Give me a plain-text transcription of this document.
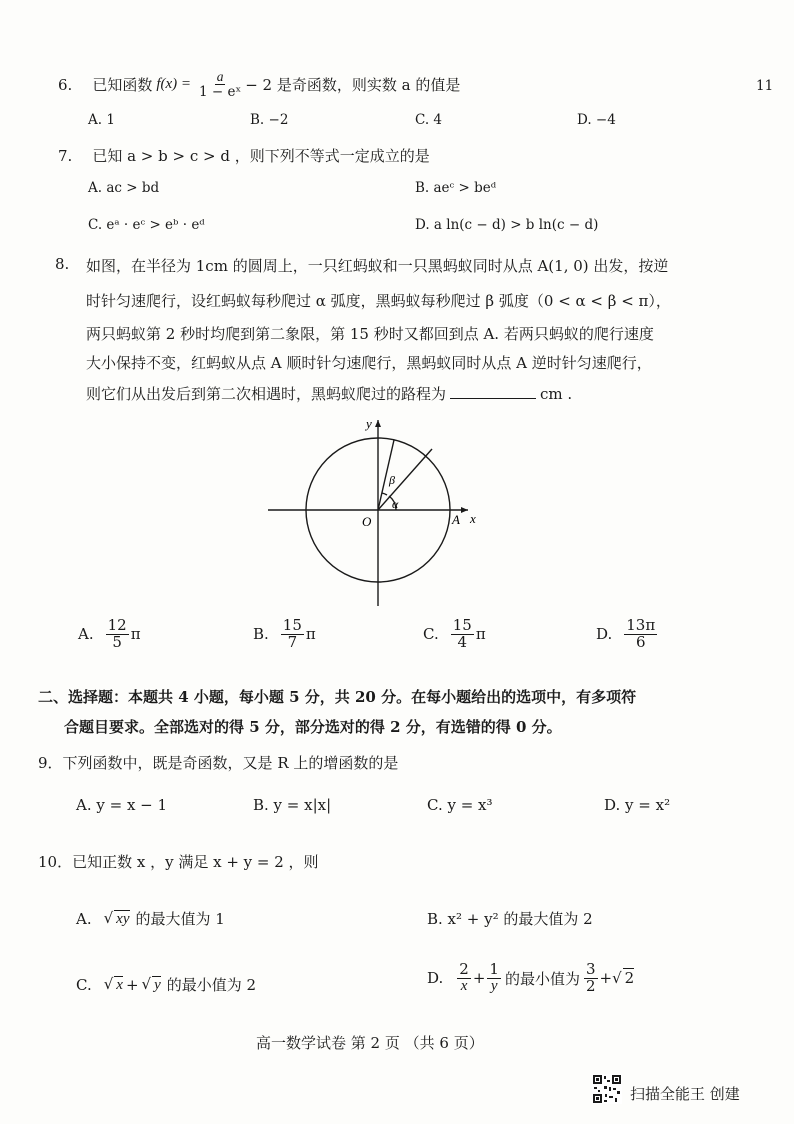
11
6. 已知函数 $f(x) = \frac{a}{\text{1 − eˣ}} - 2$ 是奇函数，则实数 a 的值是
A. 1	B. −2	C. 4	D. −4
7. 已知 a > b > c > d ，则下列不等式一定成立的是
A. ac > bd	B. aeᶜ > beᵈ
C. eᵃ · eᶜ > eᵇ · eᵈ	D. a ln(c − d) > b ln(c − d)
8. 如图，在半径为 1cm 的圆周上，一只红蚂蚁和一只黑蚂蚁同时从点 A(1, 0) 出发，按逆
时针匀速爬行，设红蚂蚁每秒爬过 α 弧度，黑蚂蚁每秒爬过 β 弧度（0 < α < β < π），
两只蚂蚁第 2 秒时均爬到第二象限，第 15 秒时又都回到点 A. 若两只蚂蚁的爬行速度
大小保持不变，红蚂蚁从点 A 顺时针匀速爬行，黑蚂蚁同时从点 A 逆时针匀速爬行，
则它们从出发后到第二次相遇时，黑蚂蚁爬过的路程为	cm .
x
y
O	A
α
β
A. $\frac{12}{5}$ π	B. $\frac{15}{7}$ π	C. $\frac{15}{4}$ π	D. $\frac{13\pi}{6}$
二、选择题：本题共 4 小题，每小题 5 分，共 20 分。在每小题给出的选项中，有多项符
合题目要求。全部选对的得 5 分，部分选对的得 2 分，有选错的得 0 分。
9．下列函数中，既是奇函数，又是 R 上的增函数的是
A. y = x − 1	B. y = x|x|	C. y = x³	D. y = x²
10．已知正数 x ，y 满足 x + y = 2 ，则
A. √ xy 的最大值为 1	B. x² + y² 的最大值为 2
C. √ x + √ y 的最小值为 2	D. $\frac{2}{x} + \frac{1}{y}$ 的最小值为 $\frac{3}{2}$ + √ 2
高一数学试卷 第 2 页 （共 6 页）
扫描全能王 创建
